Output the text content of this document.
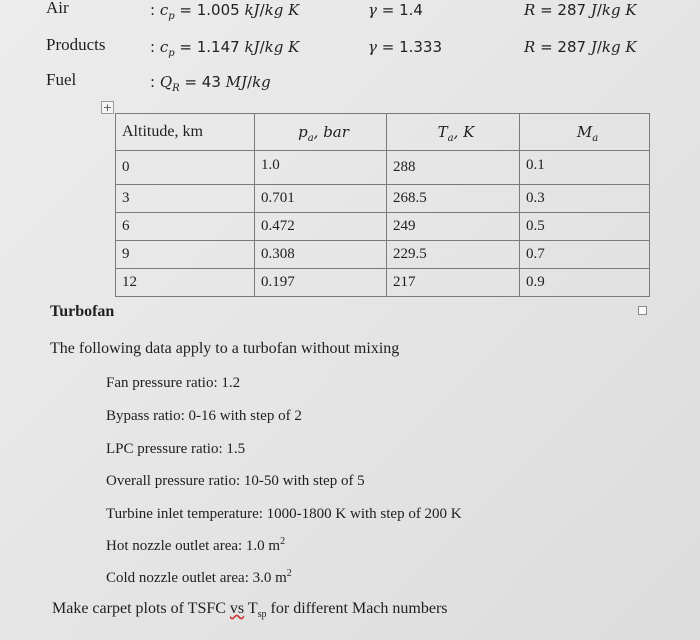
Air	: $c_p = 1.005$ kJ/kg K	γ = 1.4	R = 287 J/kg K
Products	: $c_p = 1.147$ kJ/kg K	γ = 1.333	R = 287 J/kg K
Fuel	: $Q_R = 43$ MJ/kg
+
Altitude, km	$p_a$, bar	$T_a$, K	$M_a$
0	1.0	288	0.1
3	0.701	268.5	0.3
6	0.472	249	0.5
9	0.308	229.5	0.7
12	0.197	217	0.9
Turbofan
The following data apply to a turbofan without mixing
Fan pressure ratio: 1.2
Bypass ratio: 0-16 with step of 2
LPC pressure ratio: 1.5
Overall pressure ratio: 10-50 with step of 5
Turbine inlet temperature: 1000-1800 K with step of 200 K
Hot nozzle outlet area: 1.0 $m^2$
Cold nozzle outlet area: 3.0 $m^2$
Make carpet plots of TSFC vs $T_{sp}$ for different Mach numbers
